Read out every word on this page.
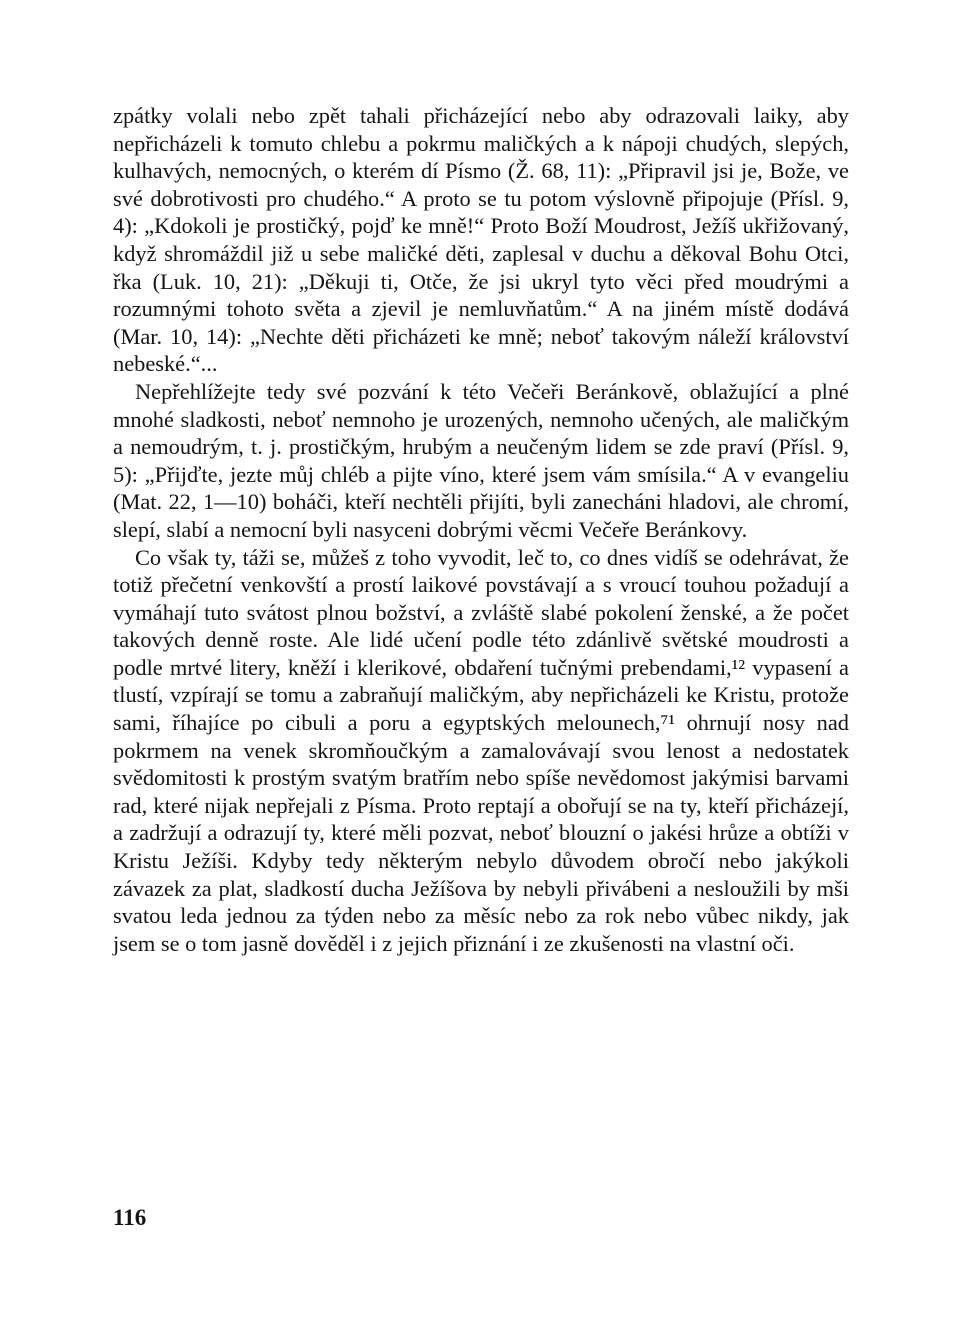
zpátky volali nebo zpět tahali přicházející nebo aby odrazovali laiky, aby nepřicházeli k tomuto chlebu a pokrmu maličkých a k nápoji chudých, slepých, kulhavých, nemocných, o kterém dí Písmo (Ž. 68, 11): „Připravil jsi je, Bože, ve své dobrotivosti pro chudého.“ A proto se tu potom výslovně připojuje (Přísl. 9, 4): „Kdokoli je prostičký, pojď ke mně!“ Proto Boží Moudrost, Ježíš ukřižovaný, když shromáždil již u sebe maličké děti, zaplesal v duchu a děkoval Bohu Otci, řka (Luk. 10, 21): „Děkuji ti, Otče, že jsi ukryl tyto věci před moudrými a rozumnými tohoto světa a zjevil je nemluvňatům.“ A na jiném místě dodává (Mar. 10, 14): „Nechte děti přicházeti ke mně; neboť takovým náleží království nebeské.“...

Nepřehlížejte tedy své pozvání k této Večeři Beránkově, oblažující a plné mnohé sladkosti, neboť nemnoho je urozených, nemnoho učených, ale maličkým a nemoudrým, t. j. prostičkým, hrubým a neučeným lidem se zde praví (Přísl. 9, 5): „Přijďte, jezte můj chléb a pijte víno, které jsem vám smísila.“ A v evangeliu (Mat. 22, 1—10) boháči, kteří nechtěli přijíti, byli zanecháni hladovi, ale chromí, slepí, slabí a nemocní byli nasyceni dobrými věcmi Večeře Beránkovy.

Co však ty, táži se, můžeš z toho vyvodit, leč to, co dnes vidíš se odehrávat, že totiž přečetní venkovští a prostí laikové povstávají a s vroucí touhou požadují a vymáhají tuto svátost plnou božství, a zvláště slabé pokolení ženské, a že počet takových denně roste. Ale lidé učení podle této zdánlivě světské moudrosti a podle mrtvé litery, kněží i klerikové, obdaření tučnými prebendami,¹² vypasení a tlustí, vzpírají se tomu a zabraňují maličkým, aby nepřicházeli ke Kristu, protože sami, říhajíce po cibuli a poru a egyptských melounech,⁷¹ ohrnují nosy nad pokrmem na venek skromňoučkým a zamalovávají svou lenost a nedostatek svědomitosti k prostým svatým bratřím nebo spíše nevědomost jakýmisi barvami rad, které nijak nepřejali z Písma. Proto reptají a obořují se na ty, kteří přicházejí, a zadržují a odrazují ty, které měli pozvat, neboť blouzní o jakési hrůze a obtíži v Kristu Ježíši. Kdyby tedy některým nebylo důvodem obročí nebo jakýkoli závazek za plat, sladkostí ducha Ježíšova by nebyli přivábeni a nesloužili by mši svatou leda jednou za týden nebo za měsíc nebo za rok nebo vůbec nikdy, jak jsem se o tom jasně dověděl i z jejich přiznání i ze zkušenosti na vlastní oči.

116
